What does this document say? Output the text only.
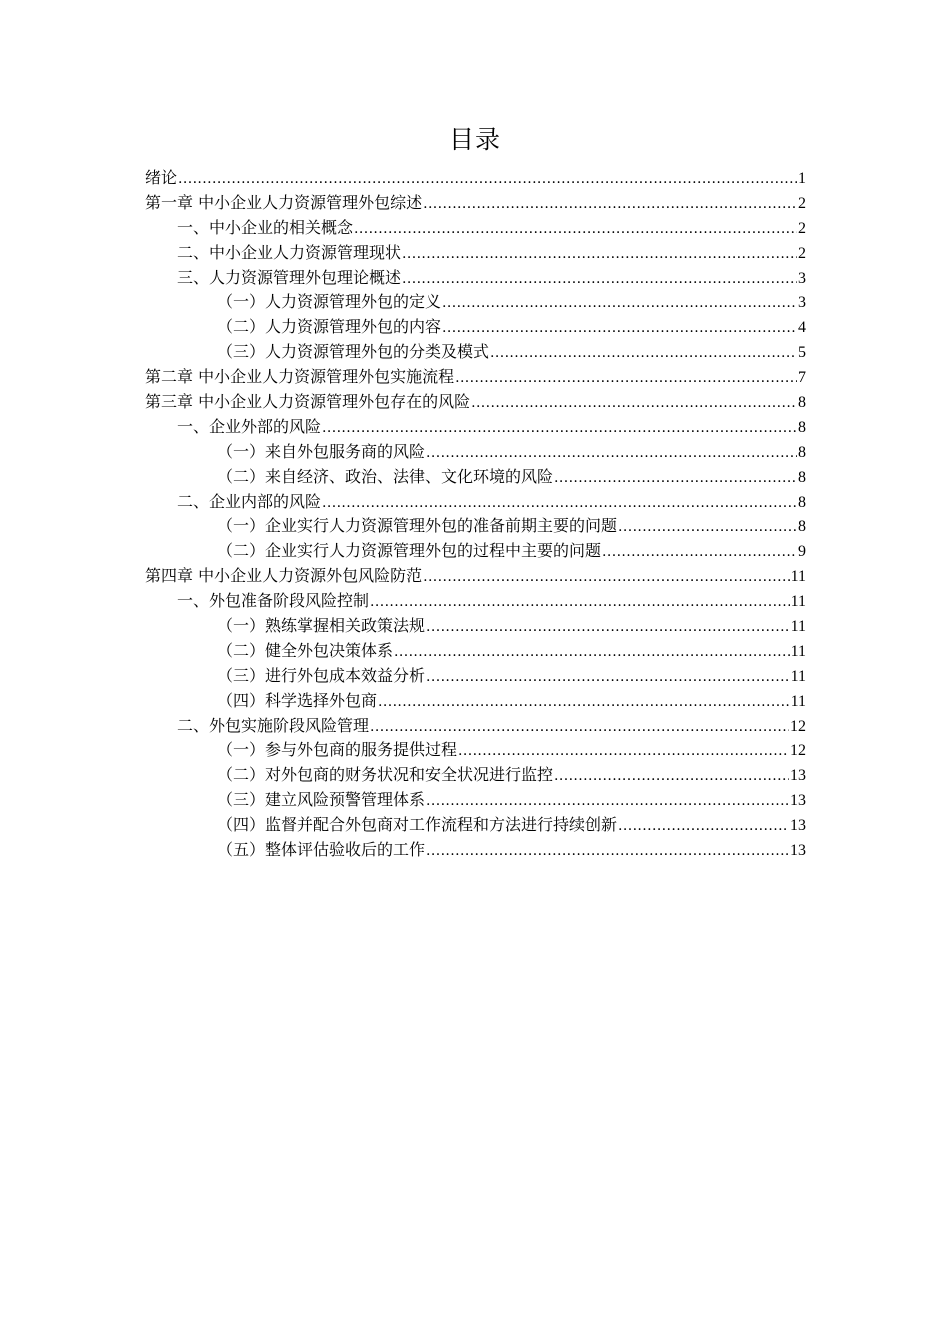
目录
绪论 .....	1
第一章 中小企业人力资源管理外包综述 .....	2
一、中小企业的相关概念 .....	2
二、中小企业人力资源管理现状 .....	2
三、人力资源管理外包理论概述 .....	3
（一）人力资源管理外包的定义 .....	3
（二）人力资源管理外包的内容 .....	4
（三）人力资源管理外包的分类及模式 .....	5
第二章 中小企业人力资源管理外包实施流程 .....	7
第三章 中小企业人力资源管理外包存在的风险 .....	8
一、企业外部的风险 .....	8
（一）来自外包服务商的风险 .....	8
（二）来自经济、政治、法律、文化环境的风险 .....	8
二、企业内部的风险 .....	8
（一）企业实行人力资源管理外包的准备前期主要的问题 .....	8
（二）企业实行人力资源管理外包的过程中主要的问题 .....	9
第四章 中小企业人力资源外包风险防范 .....	11
一、外包准备阶段风险控制 .....	11
（一）熟练掌握相关政策法规 .....	11
（二）健全外包决策体系 .....	11
（三）进行外包成本效益分析 .....	11
（四）科学选择外包商 .....	11
二、外包实施阶段风险管理 .....	12
（一）参与外包商的服务提供过程 .....	12
（二）对外包商的财务状况和安全状况进行监控 .....	13
（三）建立风险预警管理体系 .....	13
（四）监督并配合外包商对工作流程和方法进行持续创新 .....	13
（五）整体评估验收后的工作 .....	13
